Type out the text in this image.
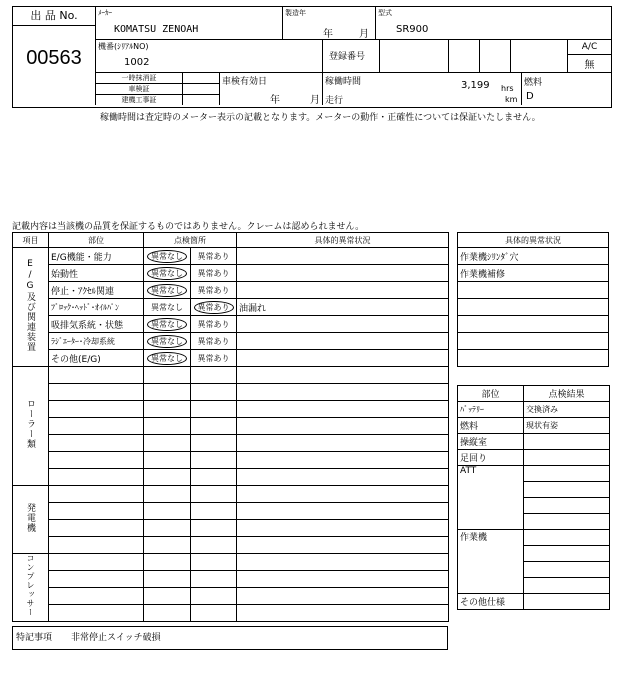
出 品 No.
00563
ﾒｰｶｰ
KOMATSU ZENOAH
製造年
年	月
型式
SR900
機番(ｼﾘｱﾙNO)
1002	登録番号
A/C
無
一時抹消証
車検証
建機工事証
車検有効日
年	月
稼働時間	3,199 hrs
走行	km
燃料
D
稼働時間は査定時のメーター表示の記載となります。メーターの動作・正確性については保証いたしません。
記載内容は当該機の品質を保証するものではありません。クレームは認められません。
項目	部位	点検箇所		具体的異常状況
E/G及び関連装置	E/G機能・能力	異常なし	異常あり	
	始動性	異常なし	異常あり	
	停止・ｱｸｾﾙ関連	異常なし	異常あり	
	ﾌﾞﾛｯｸ･ﾍｯﾄﾞ･ｵｲﾙﾊﾟﾝ	異常なし	異常あり	油漏れ
	吸排気系統・状態	異常なし	異常あり	
	ﾗｼﾞｴｰﾀｰ･冷却系統	異常なし	異常あり	
	その他(E/G)	異常なし	異常あり	
ローラー類				

発電機				

コンプレッサー				

特記事項 非常停止スイッチ破損
具体的異常状況
作業機ｼﾘﾝﾀﾞ穴
作業機補修

部位	点検結果
ﾊﾞｯﾃﾘｰ	交換済み
燃料	現状有姿
操縦室	
足回り	
ATT	

作業機	

その他仕様	
